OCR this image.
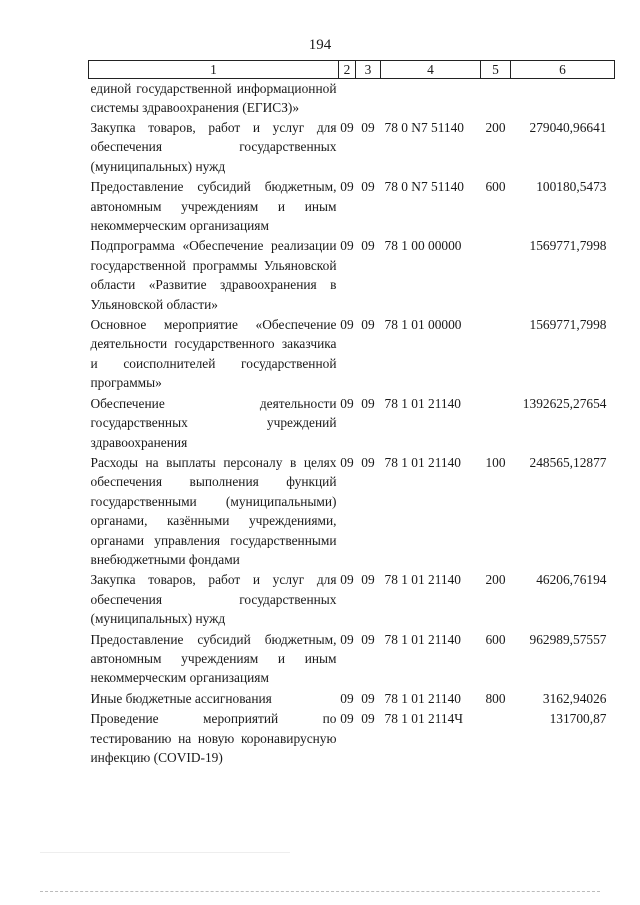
194
1	2	3	4	5	6
единой государственной информационной системы здравоохранения (ЕГИСЗ)»					
Закупка товаров, работ и услуг для обеспечения государственных (муниципальных) нужд	09	09	78 0 N7 51140	200	279040,96641
Предоставление субсидий бюджетным, автономным учреждениям и иным некоммерческим организациям	09	09	78 0 N7 51140	600	100180,5473
Подпрограмма «Обеспечение реализации государственной программы Ульяновской области «Развитие здравоохранения в Ульяновской области»	09	09	78 1 00 00000		1569771,7998
Основное мероприятие «Обеспечение деятельности государственного заказчика и соисполнителей государственной программы»	09	09	78 1 01 00000		1569771,7998
Обеспечение деятельности государственных учреждений здравоохранения	09	09	78 1 01 21140		1392625,27654
Расходы на выплаты персоналу в целях обеспечения выполнения функций государственными (муниципальными) органами, казёнными учреждениями, органами управления государственными внебюджетными фондами	09	09	78 1 01 21140	100	248565,12877
Закупка товаров, работ и услуг для обеспечения государственных (муниципальных) нужд	09	09	78 1 01 21140	200	46206,76194
Предоставление субсидий бюджетным, автономным учреждениям и иным некоммерческим организациям	09	09	78 1 01 21140	600	962989,57557
Иные бюджетные ассигнования	09	09	78 1 01 21140	800	3162,94026
Проведение мероприятий по тестированию на новую коронавирусную инфекцию (COVID-19)	09	09	78 1 01 2114Ч		131700,87
